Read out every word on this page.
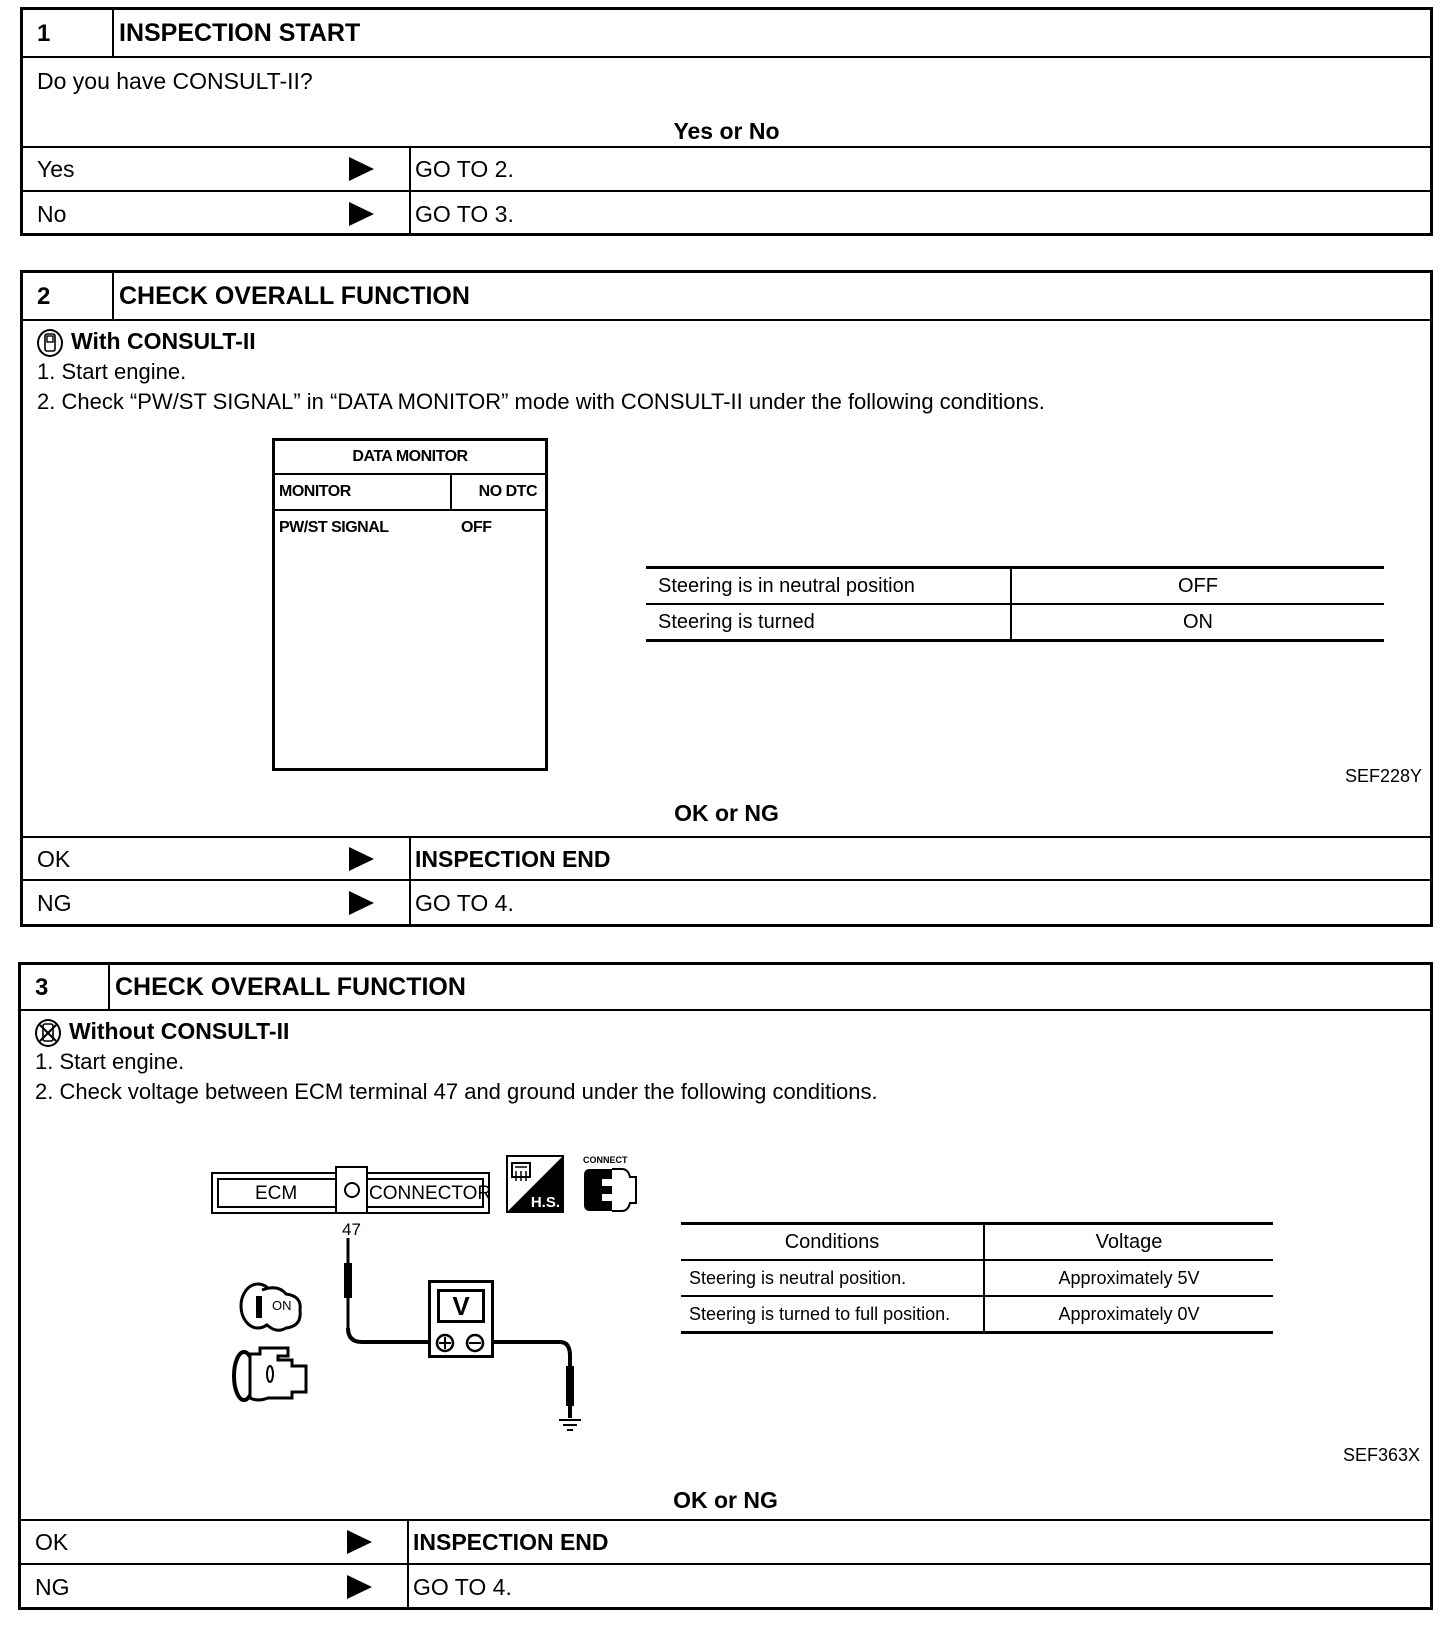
1	INSPECTION START
Do you have CONSULT-II?
Yes or No
Yes	GO TO 2.
No	GO TO 3.
2	CHECK OVERALL FUNCTION
With CONSULT-II
1. Start engine.
2. Check “PW/ST SIGNAL” in “DATA MONITOR” mode with CONSULT-II under the following conditions.
SEF228Y
OK or NG
OK	INSPECTION END
NG	GO TO 4.
DATA MONITOR
MONITOR	NO DTC
PW/ST SIGNAL	OFF
Steering is in neutral position	OFF
Steering is turned	ON
3	CHECK OVERALL FUNCTION
Without CONSULT-II
1. Start engine.
2. Check voltage between ECM terminal 47 and ground under the following conditions.
SEF363X
OK or NG
OK	INSPECTION END
NG	GO TO 4.
ECM	CONNECTOR
47
H.S.
CONNECT
ON	V
Conditions	Voltage
Steering is neutral position.	Approximately 5V
Steering is turned to full position.	Approximately 0V
